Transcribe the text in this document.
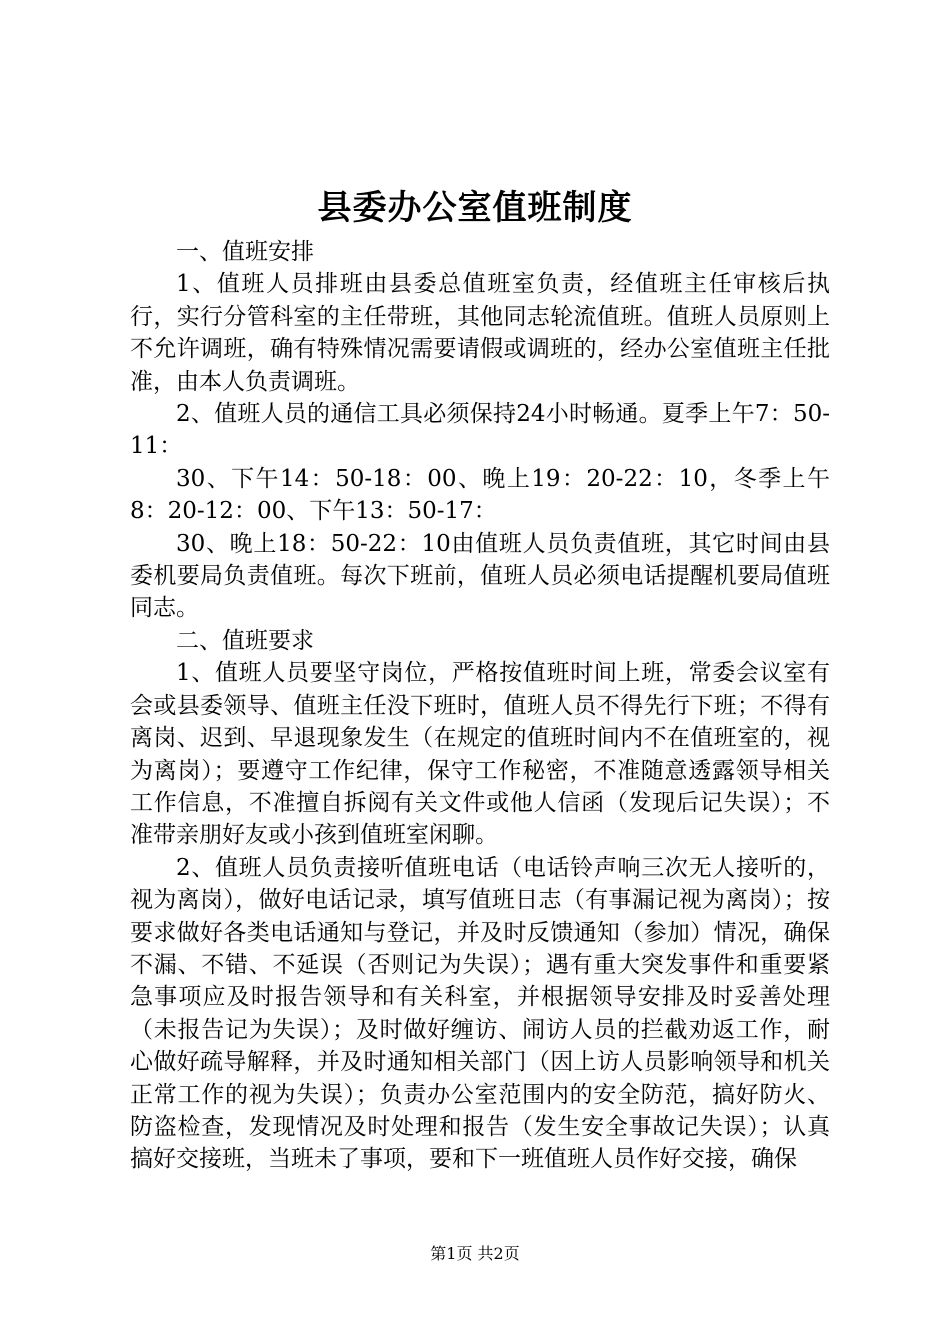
县委办公室值班制度

一、值班安排

1、值班人员排班由县委总值班室负责，经值班主任审核后执行，实行分管科室的主任带班，其他同志轮流值班。值班人员原则上不允许调班，确有特殊情况需要请假或调班的，经办公室值班主任批准，由本人负责调班。

2、值班人员的通信工具必须保持24小时畅通。夏季上午7：50-11：

30、下午14：50-18：00、晚上19：20-22：10，冬季上午8：20-12：00、下午13：50-17：

30、晚上18：50-22：10由值班人员负责值班，其它时间由县委机要局负责值班。每次下班前，值班人员必须电话提醒机要局值班同志。

二、值班要求

1、值班人员要坚守岗位，严格按值班时间上班，常委会议室有会或县委领导、值班主任没下班时，值班人员不得先行下班；不得有离岗、迟到、早退现象发生（在规定的值班时间内不在值班室的，视为离岗）；要遵守工作纪律，保守工作秘密，不准随意透露领导相关工作信息，不准擅自拆阅有关文件或他人信函（发现后记失误）；不准带亲朋好友或小孩到值班室闲聊。

2、值班人员负责接听值班电话（电话铃声响三次无人接听的，视为离岗），做好电话记录，填写值班日志（有事漏记视为离岗）；按要求做好各类电话通知与登记，并及时反馈通知（参加）情况，确保不漏、不错、不延误（否则记为失误）；遇有重大突发事件和重要紧急事项应及时报告领导和有关科室，并根据领导安排及时妥善处理（未报告记为失误）；及时做好缠访、闹访人员的拦截劝返工作，耐心做好疏导解释，并及时通知相关部门（因上访人员影响领导和机关正常工作的视为失误）；负责办公室范围内的安全防范，搞好防火、防盗检查，发现情况及时处理和报告（发生安全事故记失误）；认真搞好交接班，当班未了事项，要和下一班值班人员作好交接，确保

第1页 共2页
